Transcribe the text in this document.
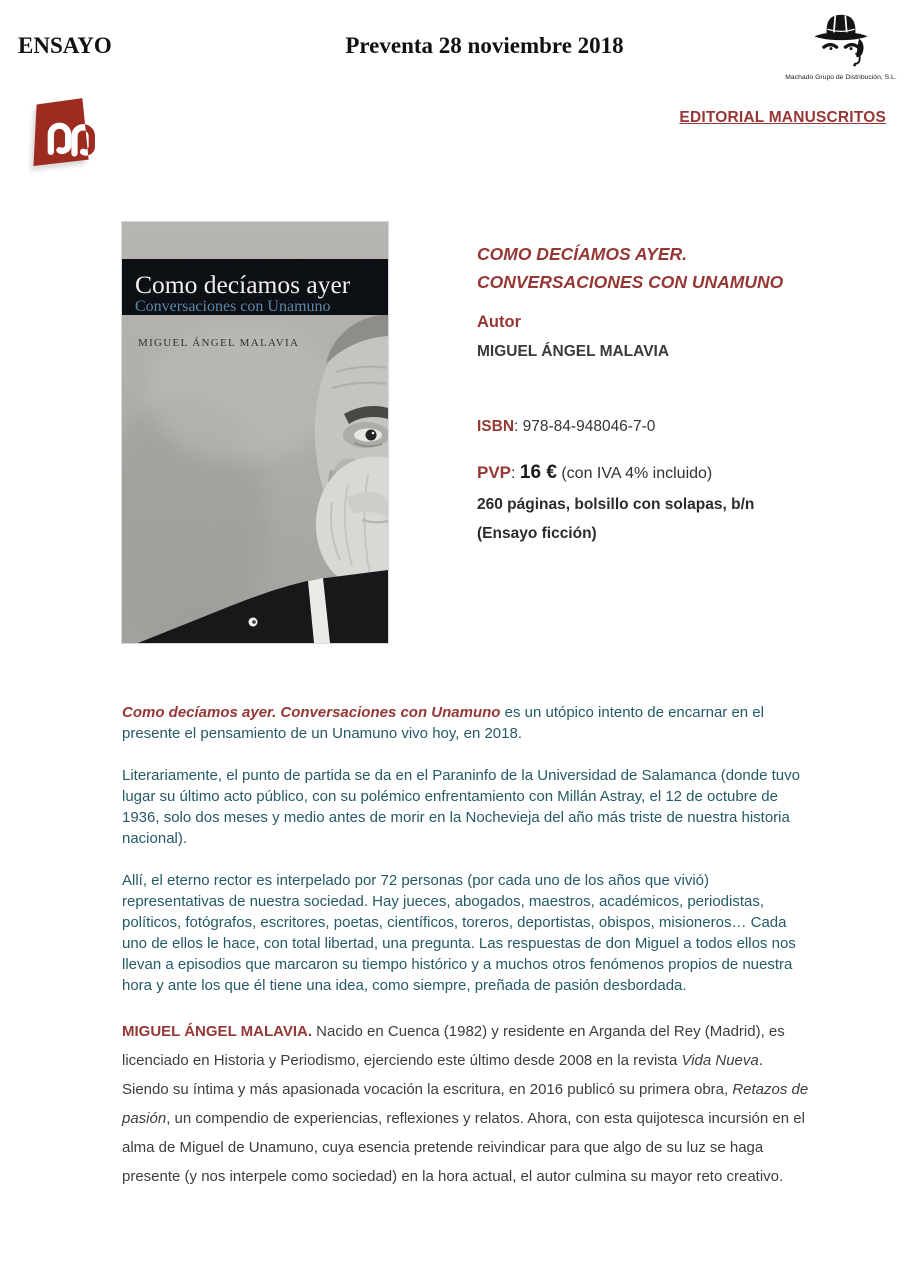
ENSAYO	Preventa 28 noviembre 2018
Machado Grupo de Distribución, S.L.
EDITORIAL MANUSCRITOS
Como decíamos ayer
Conversaciones con Unamuno
MIGUEL ÁNGEL MALAVIA
COMO DECÍAMOS AYER.
CONVERSACIONES CON UNAMUNO
Autor
MIGUEL ÁNGEL MALAVIA
ISBN: 978-84-948046-7-0
PVP: 16 € (con IVA 4% incluido)
260 páginas, bolsillo con solapas, b/n
(Ensayo ficción)

Como decíamos ayer. Conversaciones con Unamuno es un utópico intento de encarnar en el presente el pensamiento de un Unamuno vivo hoy, en 2018.

Literariamente, el punto de partida se da en el Paraninfo de la Universidad de Salamanca (donde tuvo lugar su último acto público, con su polémico enfrentamiento con Millán Astray, el 12 de octubre de 1936, solo dos meses y medio antes de morir en la Nochevieja del año más triste de nuestra historia nacional).

Allí, el eterno rector es interpelado por 72 personas (por cada uno de los años que vivió) representativas de nuestra sociedad. Hay jueces, abogados, maestros, académicos, periodistas, políticos, fotógrafos, escritores, poetas, científicos, toreros, deportistas, obispos, misioneros… Cada uno de ellos le hace, con total libertad, una pregunta. Las respuestas de don Miguel a todos ellos nos llevan a episodios que marcaron su tiempo histórico y a muchos otros fenómenos propios de nuestra hora y ante los que él tiene una idea, como siempre, preñada de pasión desbordada.

MIGUEL ÁNGEL MALAVIA. Nacido en Cuenca (1982) y residente en Arganda del Rey (Madrid), es licenciado en Historia y Periodismo, ejerciendo este último desde 2008 en la revista Vida Nueva. Siendo su íntima y más apasionada vocación la escritura, en 2016 publicó su primera obra, Retazos de pasión, un compendio de experiencias, reflexiones y relatos. Ahora, con esta quijotesca incursión en el alma de Miguel de Unamuno, cuya esencia pretende reivindicar para que algo de su luz se haga presente (y nos interpele como sociedad) en la hora actual, el autor culmina su mayor reto creativo.
